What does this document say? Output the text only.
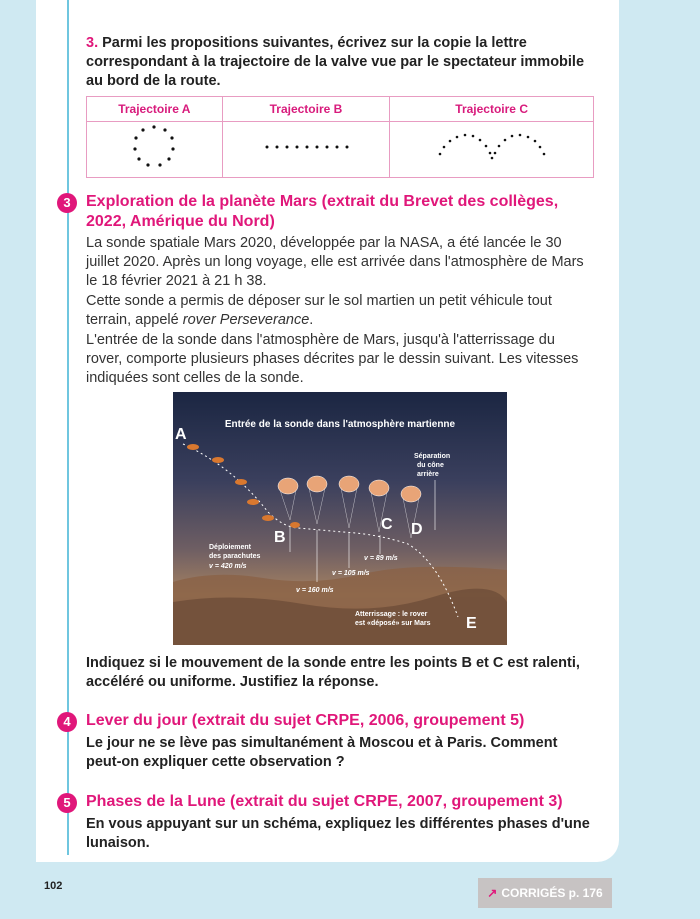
3. Parmi les propositions suivantes, écrivez sur la copie la lettre correspondant à la trajectoire de la valve vue par le spectateur immobile au bord de la route.
Trajectoire A	Trajectoire B	Trajectoire C

3 Exploration de la planète Mars (extrait du Brevet des collèges, 2022, Amérique du Nord)
La sonde spatiale Mars 2020, développée par la NASA, a été lancée le 30 juillet 2020. Après un long voyage, elle est arrivée dans l'atmosphère de Mars le 18 février 2021 à 21 h 38.
Cette sonde a permis de déposer sur le sol martien un petit véhicule tout terrain, appelé rover Perseverance.
L'entrée de la sonde dans l'atmosphère de Mars, jusqu'à l'atterrissage du rover, comporte plusieurs phases décrites par le dessin suivant. Les vitesses indiquées sont celles de la sonde.
Entrée de la sonde dans l'atmosphère martienne
A
B
C D
E
Déploiement
des parachutes
v = 420 m/s
Séparation
du cône
arrière
v = 160 m/s
v = 105 m/s
v = 89 m/s
Atterrissage : le rover
est «déposé» sur Mars
Indiquez si le mouvement de la sonde entre les points B et C est ralenti, accéléré ou uniforme. Justifiez la réponse.
4 Lever du jour (extrait du sujet CRPE, 2006, groupement 5)
Le jour ne se lève pas simultanément à Moscou et à Paris. Comment peut-on expliquer cette observation ?
5 Phases de la Lune (extrait du sujet CRPE, 2007, groupement 3)
En vous appuyant sur un schéma, expliquez les différentes phases d'une lunaison.
102	↗ CORRIGÉS p. 176
